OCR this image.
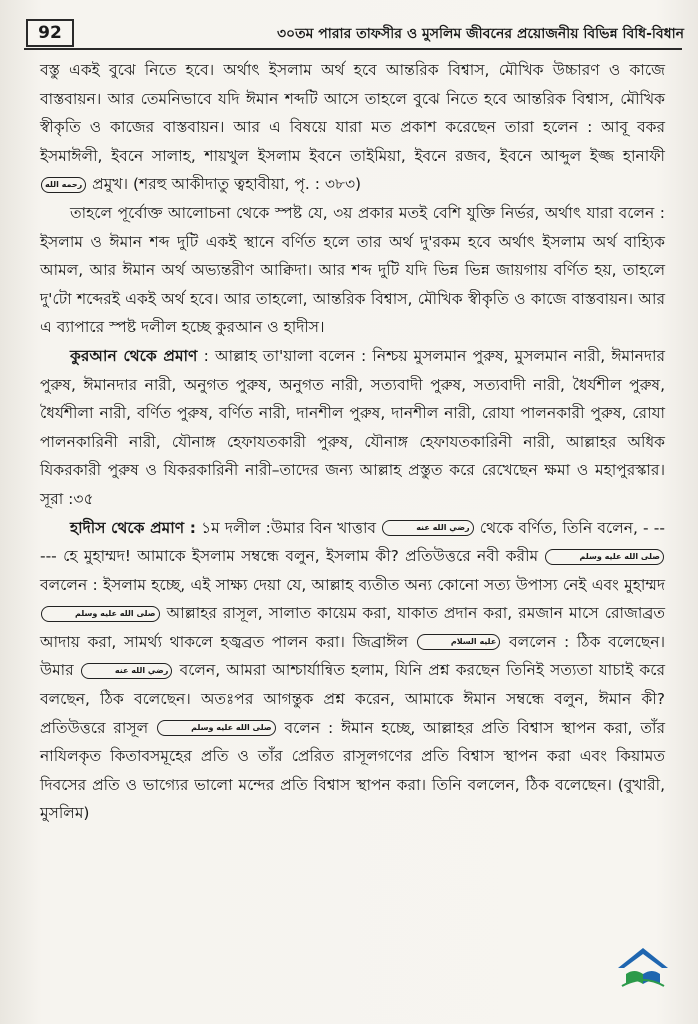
92	৩০তম পারার তাফসীর ও মুসলিম জীবনের প্রয়োজনীয় বিভিন্ন বিধি-বিধান

বস্তু একই বুঝে নিতে হবে। অর্থাৎ ইসলাম অর্থ হবে আন্তরিক বিশ্বাস, মৌখিক উচ্চারণ ও কাজে বাস্তবায়ন। আর তেমনিভাবে যদি ঈমান শব্দটি আসে তাহলে বুঝে নিতে হবে আন্তরিক বিশ্বাস, মৌখিক স্বীকৃতি ও কাজের বাস্তবায়ন। আর এ বিষয়ে যারা মত প্রকাশ করেছেন তারা হলেন : আবূ বকর ইসমাঈলী, ইবনে সালাহ, শায়খুল ইসলাম ইবনে তাইমিয়া, ইবনে রজব, ইবনে আব্দুল ইজ্জ হানাফী رحمه الله প্রমুখ। (শরহু আকীদাতু ত্বহাবীয়া, পৃ. : ৩৮৩)

তাহলে পূর্বোক্ত আলোচনা থেকে স্পষ্ট যে, ৩য় প্রকার মতই বেশি যুক্তি নির্ভর, অর্থাৎ যারা বলেন : ইসলাম ও ঈমান শব্দ দুটি একই স্থানে বর্ণিত হলে তার অর্থ দু'রকম হবে অর্থাৎ ইসলাম অর্থ বাহ্যিক আমল, আর ঈমান অর্থ অভ্যন্তরীণ আক্বিদা। আর শব্দ দুটি যদি ভিন্ন ভিন্ন জায়গায় বর্ণিত হয়, তাহলে দু'টো শব্দেরই একই অর্থ হবে। আর তাহলো, আন্তরিক বিশ্বাস, মৌখিক স্বীকৃতি ও কাজে বাস্তবায়ন। আর এ ব্যাপারে স্পষ্ট দলীল হচ্ছে কুরআন ও হাদীস।

কুরআন থেকে প্রমাণ : আল্লাহ তা'য়ালা বলেন : নিশ্চয় মুসলমান পুরুষ, মুসলমান নারী, ঈমানদার পুরুষ, ঈমানদার নারী, অনুগত পুরুষ, অনুগত নারী, সত্যবাদী পুরুষ, সত্যবাদী নারী, ধৈর্যশীল পুরুষ, ধৈর্যশীলা নারী, বর্ণিত পুরুষ, বর্ণিত নারী, দানশীল পুরুষ, দানশীল নারী, রোযা পালনকারী পুরুষ, রোযা পালনকারিনী নারী, যৌনাঙ্গ হেফাযতকারী পুরুষ, যৌনাঙ্গ হেফাযতকারিনী নারী, আল্লাহর অধিক যিকরকারী পুরুষ ও যিকরকারিনী নারী–তাদের জন্য আল্লাহ প্রস্তুত করে রেখেছেন ক্ষমা ও মহাপুরস্কার। সূরা :৩৫

হাদীস থেকে প্রমাণ : ১ম দলীল :উমার বিন খাত্তাব	رضي الله عنه থেকে বর্ণিত, তিনি বলেন, - ----- হে মুহাম্মদ! আমাকে ইসলাম সম্বন্ধে বলুন, ইসলাম কী? প্রতিউত্তরে নবী করীম	صلى الله عليه وسلم বললেন : ইসলাম হচ্ছে, এই সাক্ষ্য দেয়া যে, আল্লাহ ব্যতীত অন্য কোনো সত্য উপাস্য নেই এবং মুহাম্মদ صلى الله عليه وسلم আল্লাহর রাসূল, সালাত কায়েম করা, যাকাত প্রদান করা, রমজান মাসে রোজাব্রত আদায় করা, সামর্থ্য থাকলে হজ্বব্রত পালন করা। জিব্রাঈল	عليه السلام বললেন : ঠিক বলেছেন। উমার	رضي الله عنه বলেন, আমরা আশ্চার্যান্বিত হলাম, যিনি প্রশ্ন করছেন তিনিই সত্যতা যাচাই করে বলছেন, ঠিক বলেছেন। অতঃপর আগন্তুক প্রশ্ন করেন, আমাকে ঈমান সম্বন্ধে বলুন, ঈমান কী? প্রতিউত্তরে রাসূল	صلى الله عليه وسلم বলেন : ঈমান হচ্ছে, আল্লাহর প্রতি বিশ্বাস স্থাপন করা, তাঁর নাযিলকৃত কিতাবসমূহের প্রতি ও তাঁর প্রেরিত রাসূলগণের প্রতি বিশ্বাস স্থাপন করা এবং কিয়ামত দিবসের প্রতি ও ভাগ্যের ভালো মন্দের প্রতি বিশ্বাস স্থাপন করা। তিনি বললেন, ঠিক বলেছেন। (বুখারী, মুসলিম)
